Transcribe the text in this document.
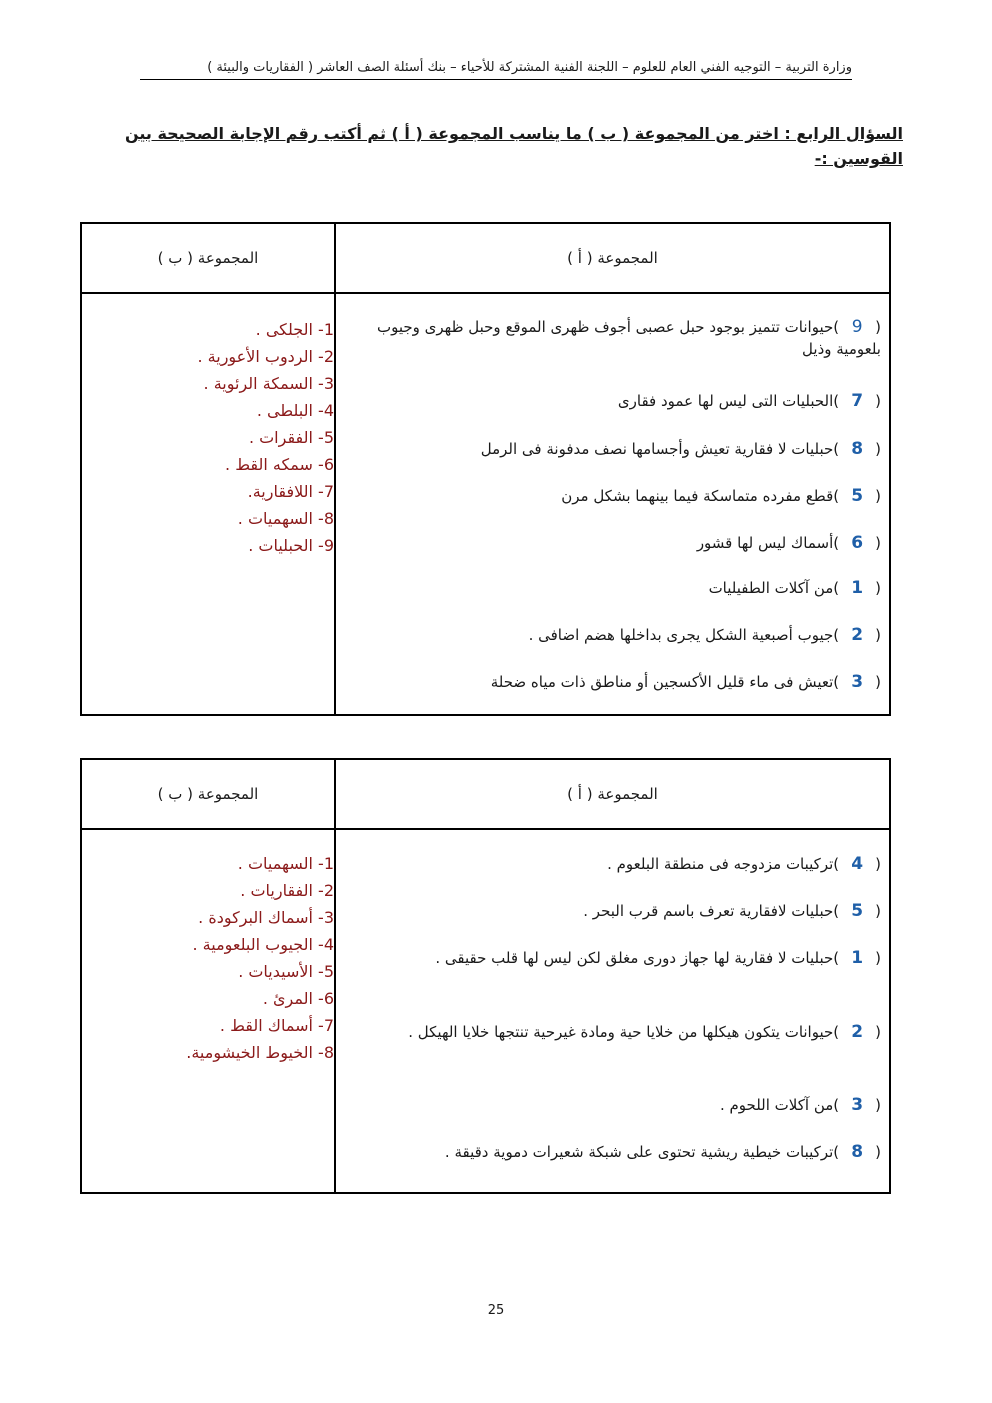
وزارة التربية – التوجيه الفني العام للعلوم – اللجنة الفنية المشتركة للأحياء – بنك أسئلة الصف العاشر ( الفقاريات والبيئة )
السؤال الرابع : اختر من المجموعة ( ب ) ما يناسب المجموعة ( أ ) ثم أكتب رقم الإجابة الصحيحة بين القوسين :-
المجموعة ( ب )	المجموعة ( أ )
1- الجلكى .
2- الردوب الأعورية .
3- السمكة الرئوية .
4- البلطى .
5- الفقرات .
6- سمكه القط .
7- اللافقارية.
8- السهميات .
9- الحبليات .
(9)حيوانات تتميز بوجود حبل عصبى أجوف ظهرى الموقع وحبل ظهرى وجيوب بلعومية وذيل
(7)الحبليات التى ليس لها عمود فقارى
(8)حبليات لا فقارية تعيش وأجسامها نصف مدفونة فى الرمل
(5)قطع مفرده متماسكة فيما بينهما بشكل مرن
(6)أسماك ليس لها قشور
(1)من آكلات الطفيليات
(2)جيوب أصبعية الشكل يجرى بداخلها هضم اضافى .
(3)تعيش فى ماء قليل الأكسجين أو مناطق ذات مياه ضحلة
المجموعة ( ب )	المجموعة ( أ )
1- السهميات .
2- الفقاريات .
3- أسماك البركودة .
4- الجيوب البلعومية .
5- الأسيديات .
6- المرئ .
7- أسماك القط .
8- الخيوط الخيشومية.
(4)تركيبات مزدوجه فى منطقة البلعوم .
(5)حبليات لافقارية تعرف باسم قرب البحر .
(1)حبليات لا فقارية لها جهاز دورى مغلق لكن ليس لها قلب حقيقى .
(2)حيوانات يتكون هيكلها من خلايا حية ومادة غيرحية تنتجها خلايا الهيكل .
(3)من آكلات اللحوم .
(8)تركيبات خيطية ريشية تحتوى على شبكة شعيرات دموية دقيقة .
25
